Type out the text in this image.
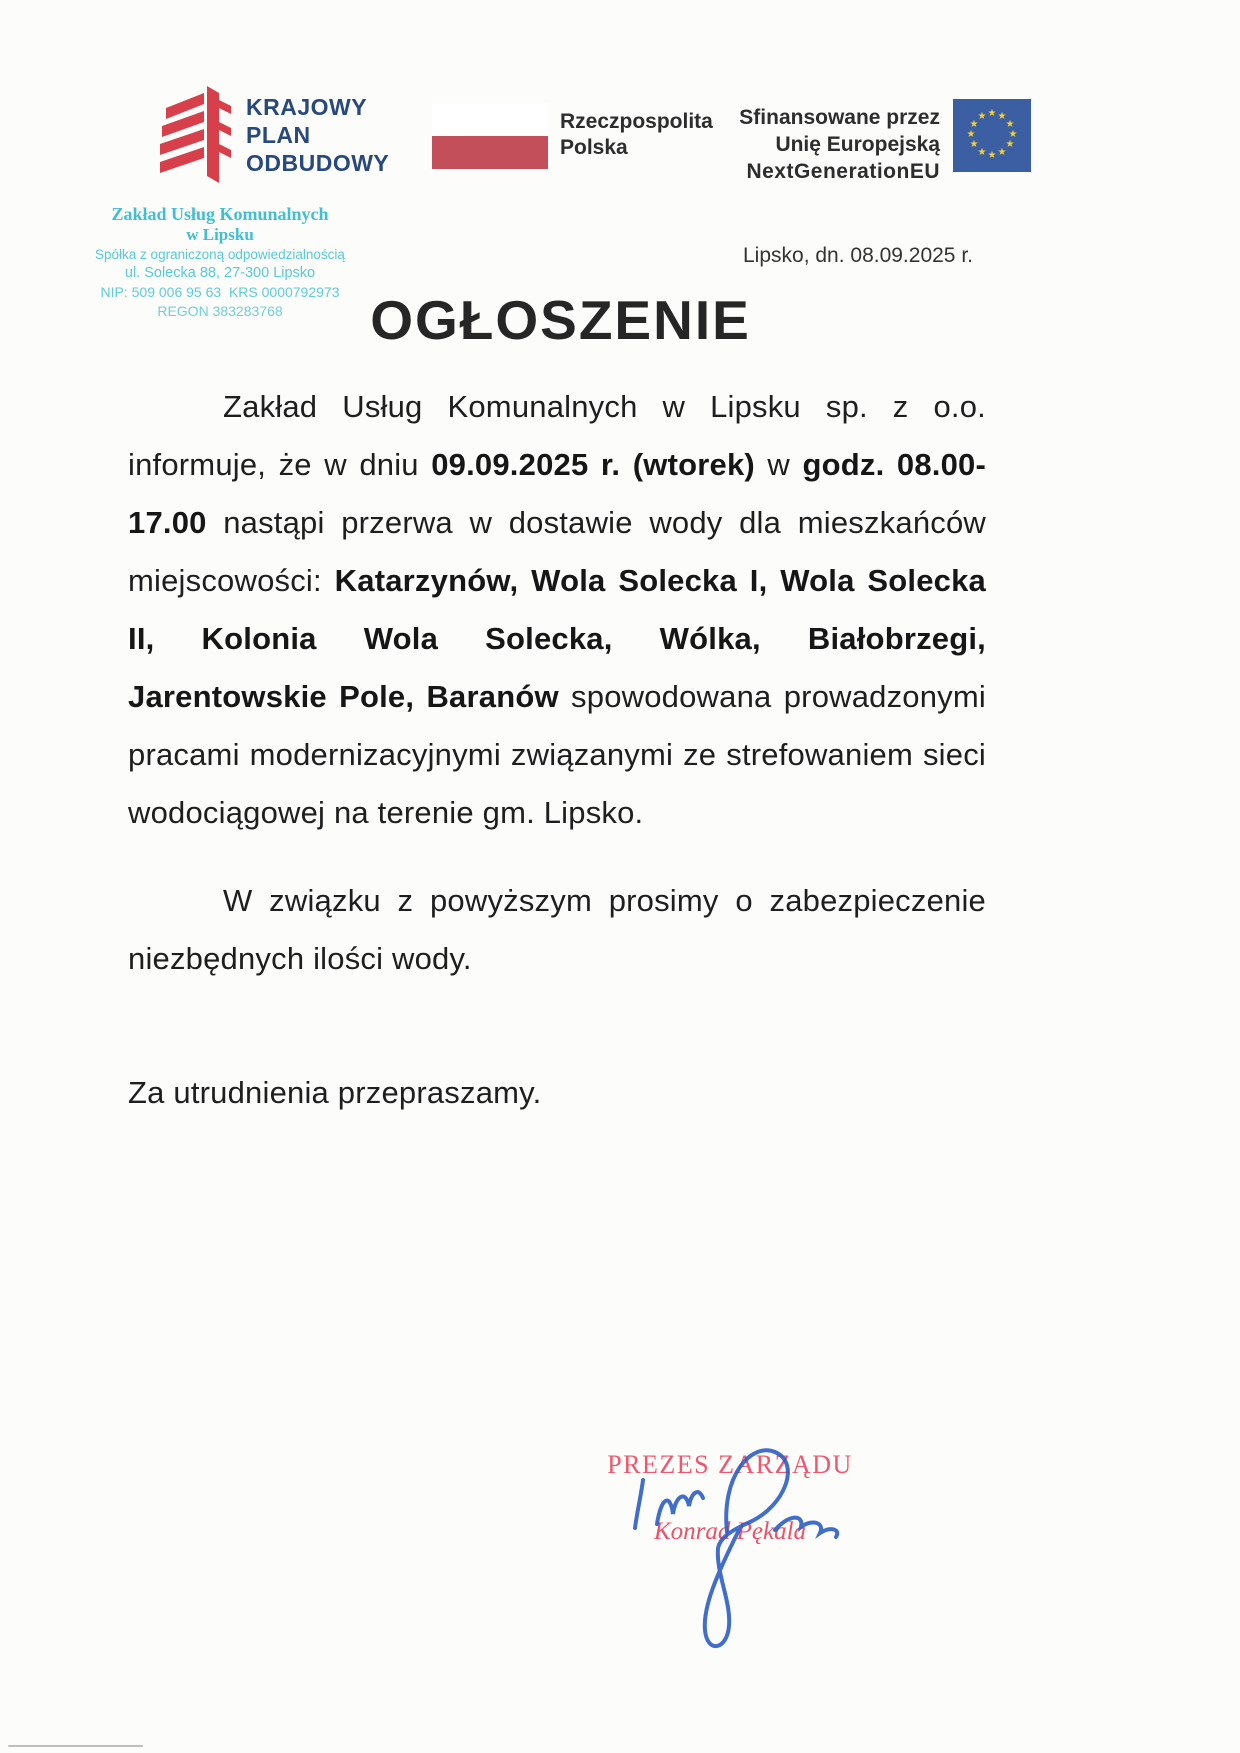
KRAJOWY
PLAN
ODBUDOWY
Rzeczpospolita
Polska
Sfinansowane przez
Unię Europejską
NextGenerationEU
★ ★
★
★
★
★
★
★
★
★
★
★
Zakład Usług Komunalnych
w Lipsku
Spółka z ograniczoną odpowiedzialnością
ul. Solecka 88, 27-300 Lipsko
NIP: 509 006 95 63  KRS 0000792973
REGON 383283768
Lipsko, dn. 08.09.2025 r.
OGŁOSZENIE

Zakład Usług Komunalnych w Lipsku sp. z o.o. informuje, że w dniu 09.09.2025 r. (wtorek) w godz. 08.00-17.00 nastąpi przerwa w dostawie wody dla mieszkańców miejscowości: Katarzynów, Wola Solecka I, Wola Solecka II, Kolonia Wola Solecka, Wólka, Białobrzegi, Jarentowskie Pole, Baranów spowodowana prowadzonymi pracami modernizacyjnymi związanymi ze strefowaniem sieci wodociągowej na terenie gm. Lipsko.

W związku z powyższym prosimy o zabezpieczenie niezbędnych ilości wody.

Za utrudnienia przepraszamy.

PREZES ZARZĄDU
Konrad Pękala
